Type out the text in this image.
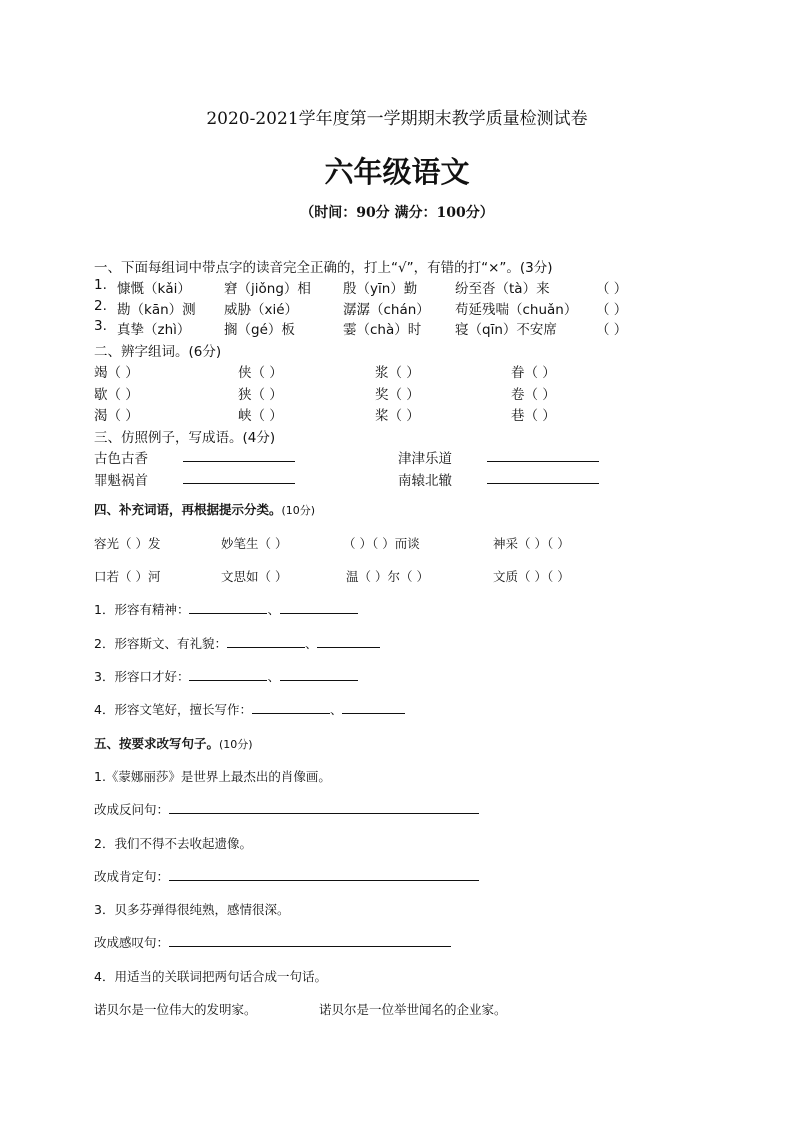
2020-2021学年度第一学期期末教学质量检测试卷
六年级语文
（时间：90分 满分：100分）
一、下面每组词中带点字的读音完全正确的，打上“√”，有错的打“×”。(3分)
1. 慷慨（kǎi） 窘（jiǒng）相 殷（yīn）勤	纷至沓（tà）来	（ ）
2. 勘（kān）测 威胁（xié）	潺潺（chán） 苟延残喘（chuǎn） （ ）
3. 真挚（zhì） 搁（gé）板	霎（chà）时 寝（qīn）不安席	（ ）
二、辨字组词。(6分)
竭（ ）	侠（ ）	浆（ ）	眷（ ）
歇（ ）	狭（ ）	奖（ ）	卷（ ）
渴（ ）	峡（ ）	桨（ ）	巷（ ）
三、仿照例子，写成语。(4分)
古色古香	津津乐道
罪魁祸首	南辕北辙
四、补充词语，再根据提示分类。(10分)
容光（ ）发	妙笔生（ ）	（ ）（ ）而谈	神采（ ）（ ）
口若（ ）河	文思如（ ）	温（ ）尔（ ）	文质（ ）（ ）
1．形容有精神：	、
2．形容斯文、有礼貌：	、
3．形容口才好：	、
4．形容文笔好，擅长写作：	、
五、按要求改写句子。(10分)
1.《蒙娜丽莎》是世界上最杰出的肖像画。
改成反问句：
2．我们不得不去收起遗像。
改成肯定句：
3．贝多芬弹得很纯熟，感情很深。
改成感叹句：
4．用适当的关联词把两句话合成一句话。
诺贝尔是一位伟大的发明家。	诺贝尔是一位举世闻名的企业家。
